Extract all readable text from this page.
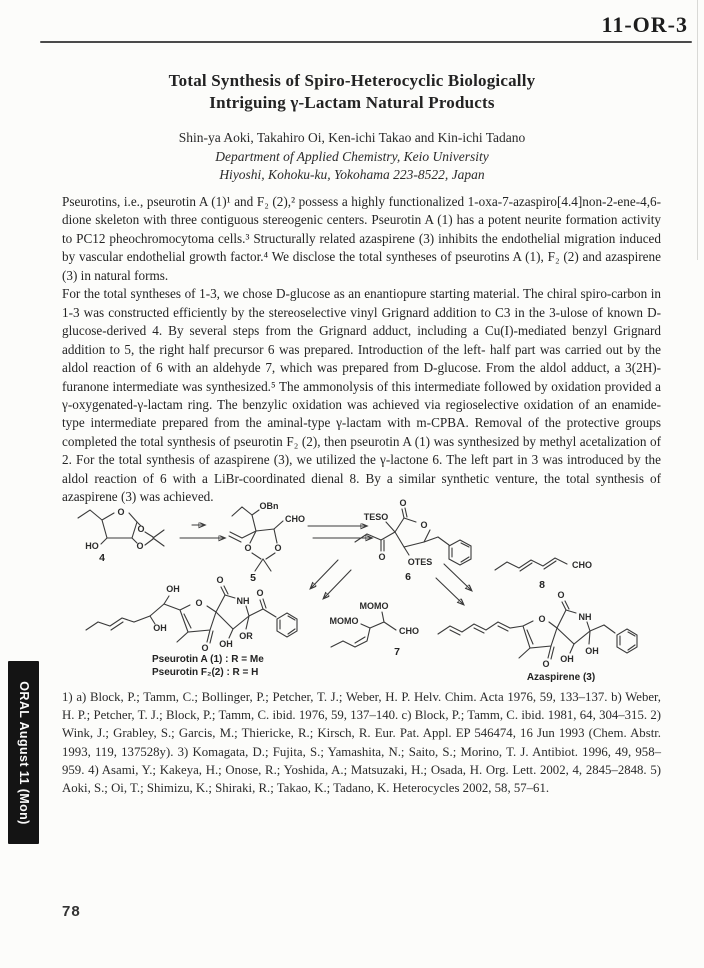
11-OR-3
Total Synthesis of Spiro-Heterocyclic Biologically
Intriguing γ-Lactam Natural Products
Shin-ya Aoki, Takahiro Oi, Ken-ichi Takao and Kin-ichi Tadano
Department of Applied Chemistry, Keio University
Hiyoshi, Kohoku-ku, Yokohama 223-8522, Japan

Pseurotins, i.e., pseurotin A (1)¹ and F₂ (2),² possess a highly functionalized 1-oxa-7-azaspiro[4.4]non-2-ene-4,6-dione skeleton with three contiguous stereogenic centers. Pseurotin A (1) has a potent neurite formation activity to PC12 pheochromocytoma cells.³ Structurally related azaspirene (3) inhibits the endothelial migration induced by vascular endothelial growth factor.⁴ We disclose the total syntheses of pseurotins A (1), F₂ (2) and azaspirene (3) in natural forms.

For the total syntheses of 1-3, we chose D-glucose as an enantiopure starting material. The chiral spiro-carbon in 1-3 was constructed efficiently by the stereoselective vinyl Grignard addition to C3 in the 3-ulose of known D-glucose-derived 4. By several steps from the Grignard adduct, including a Cu(I)-mediated benzyl Grignard addition to 5, the right half precursor 6 was prepared. Introduction of the left- half part was carried out by the aldol reaction of 6 with an aldehyde 7, which was prepared from D-glucose. From the aldol adduct, a 3(2H)-furanone intermediate was synthesized.⁵ The ammonolysis of this intermediate followed by oxidation provided a γ-oxygenated-γ-lactam ring. The benzylic oxidation was achieved via regioselective oxidation of an enamide-type intermediate prepared from the aminal-type γ-lactam with m-CPBA. Removal of the protective groups completed the total synthesis of pseurotin F₂ (2), then pseurotin A (1) was synthesized by methyl acetalization of 2. For the total synthesis of azaspirene (3), we utilized the γ-lactone 6. The left part in 3 was introduced by the aldol reaction of 6 with a LiBr-coordinated dienal 8. By a similar synthetic venture, the total synthesis of azaspirene (3) was achieved.

O
HO
O
O
4
OBn
CHO
O	O
5
TESO
O
O
O OTES
6
CHO
8
MOMO
MOMO
CHO
7
OH
OH
O
O
NH
O
OH
OR
O
Pseurotin A (1) : R = Me
Pseurotin F₂(2) : R = H
O
O
NH
O
OH
OH
Azaspirene (3)
1) a) Block, P.; Tamm, C.; Bollinger, P.; Petcher, T. J.; Weber, H. P. Helv. Chim. Acta 1976, 59, 133–137. b) Weber, H. P.; Petcher, T. J.; Block, P.; Tamm, C. ibid. 1976, 59, 137–140. c) Block, P.; Tamm, C. ibid. 1981, 64, 304–315. 2) Wink, J.; Grabley, S.; Garcis, M.; Thiericke, R.; Kirsch, R. Eur. Pat. Appl. EP 546474, 16 Jun 1993 (Chem. Abstr. 1993, 119, 137528y). 3) Komagata, D.; Fujita, S.; Yamashita, N.; Saito, S.; Morino, T. J. Antibiot. 1996, 49, 958–959. 4) Asami, Y.; Kakeya, H.; Onose, R.; Yoshida, A.; Matsuzaki, H.; Osada, H. Org. Lett. 2002, 4, 2845–2848. 5) Aoki, S.; Oi, T.; Shimizu, K.; Shiraki, R.; Takao, K.; Tadano, K. Heterocycles 2002, 58, 57–61.
ORAL August 11 (Mon)
78
